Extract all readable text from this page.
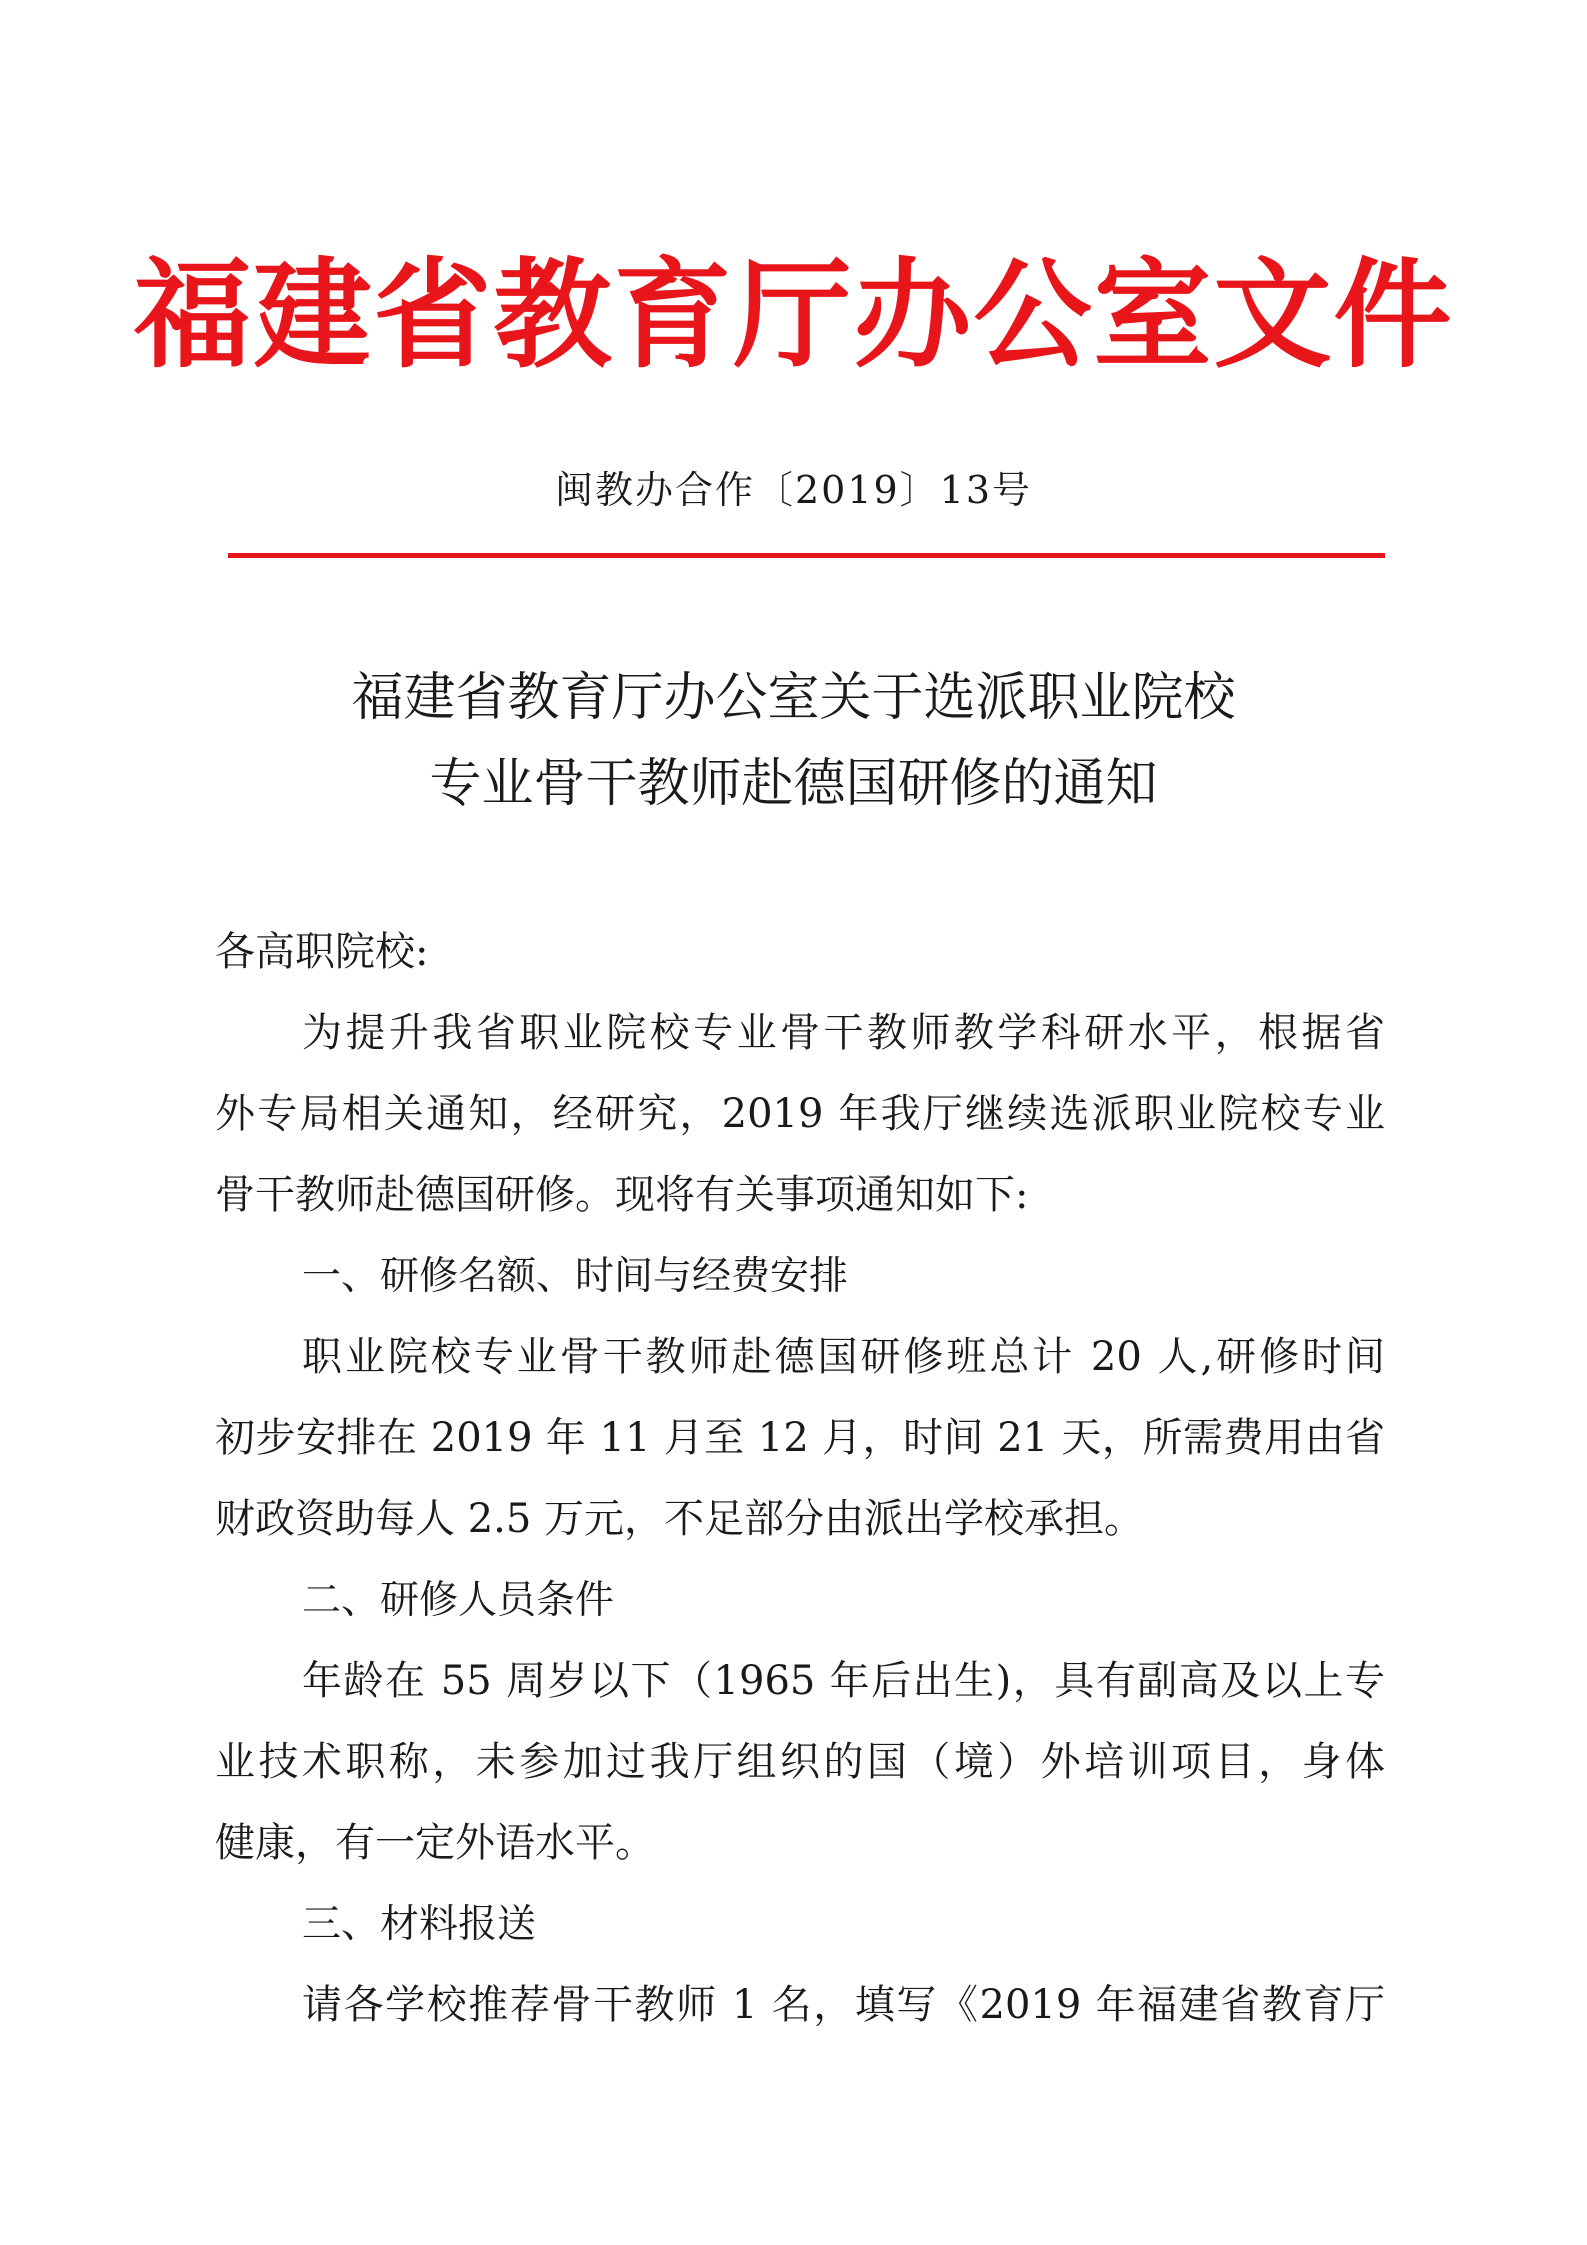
福建省教育厅办公室文件
闽教办合作〔2019〕13号
福建省教育厅办公室关于选派职业院校
专业骨干教师赴德国研修的通知
各高职院校:
为提升我省职业院校专业骨干教师教学科研水平，根据省
外专局相关通知，经研究，2019 年我厅继续选派职业院校专业
骨干教师赴德国研修。现将有关事项通知如下:
一、研修名额、时间与经费安排
职业院校专业骨干教师赴德国研修班总计 20 人,研修时间
初步安排在 2019 年 11 月至 12 月，时间 21 天，所需费用由省
财政资助每人 2.5 万元，不足部分由派出学校承担。
二、研修人员条件
年龄在 55 周岁以下（1965 年后出生)，具有副高及以上专
业技术职称，未参加过我厅组织的国（境）外培训项目，身体
健康，有一定外语水平。
三、材料报送
请各学校推荐骨干教师 1 名，填写《2019 年福建省教育厅
